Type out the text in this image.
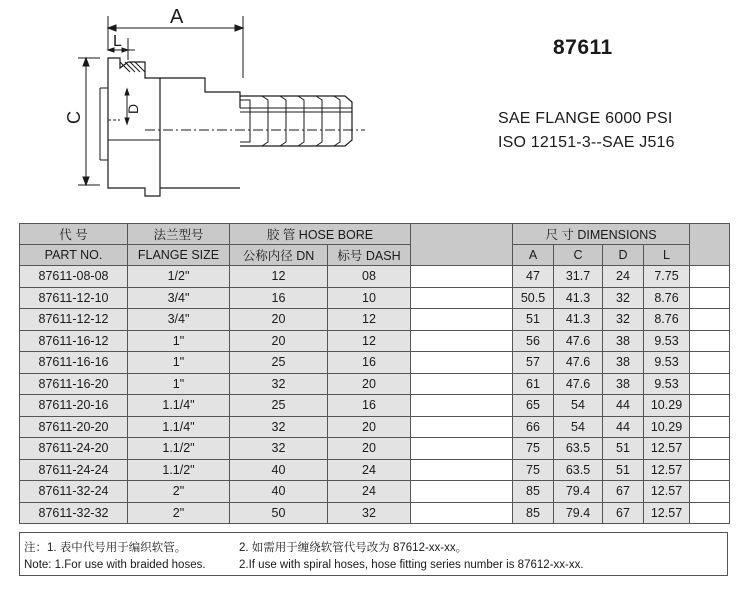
A
L
C
D
87611
SAE FLANGE 6000 PSI
ISO 12151-3--SAE J516
代 号	法兰型号	胶 管 HOSE BORE			尺 寸 DIMENSIONS				
PART NO.	FLANGE SIZE	公称内径 DN	标号 DASH		A	C	D	L	
87611-08-08	1/2"	12	08		47	31.7	24	7.75	
87611-12-10	3/4"	16	10		50.5	41.3	32	8.76	
87611-12-12	3/4"	20	12		51	41.3	32	8.76	
87611-16-12	1"	20	12		56	47.6	38	9.53	
87611-16-16	1"	25	16		57	47.6	38	9.53	
87611-16-20	1"	32	20		61	47.6	38	9.53	
87611-20-16	1.1/4"	25	16		65	54	44	10.29	
87611-20-20	1.1/4"	32	20		66	54	44	10.29	
87611-24-20	1.1/2"	32	20		75	63.5	51	12.57	
87611-24-24	1.1/2"	40	24		75	63.5	51	12.57	
87611-32-24	2"	40	24		85	79.4	67	12.57	
87611-32-32	2"	50	32		85	79.4	67	12.57	
注：1. 表中代号用于编织软管。	2. 如需用于缠绕软管代号改为 87612-xx-xx。
Note: 1.For use with braided hoses.	2.If use with spiral hoses, hose fitting series number is 87612-xx-xx.
